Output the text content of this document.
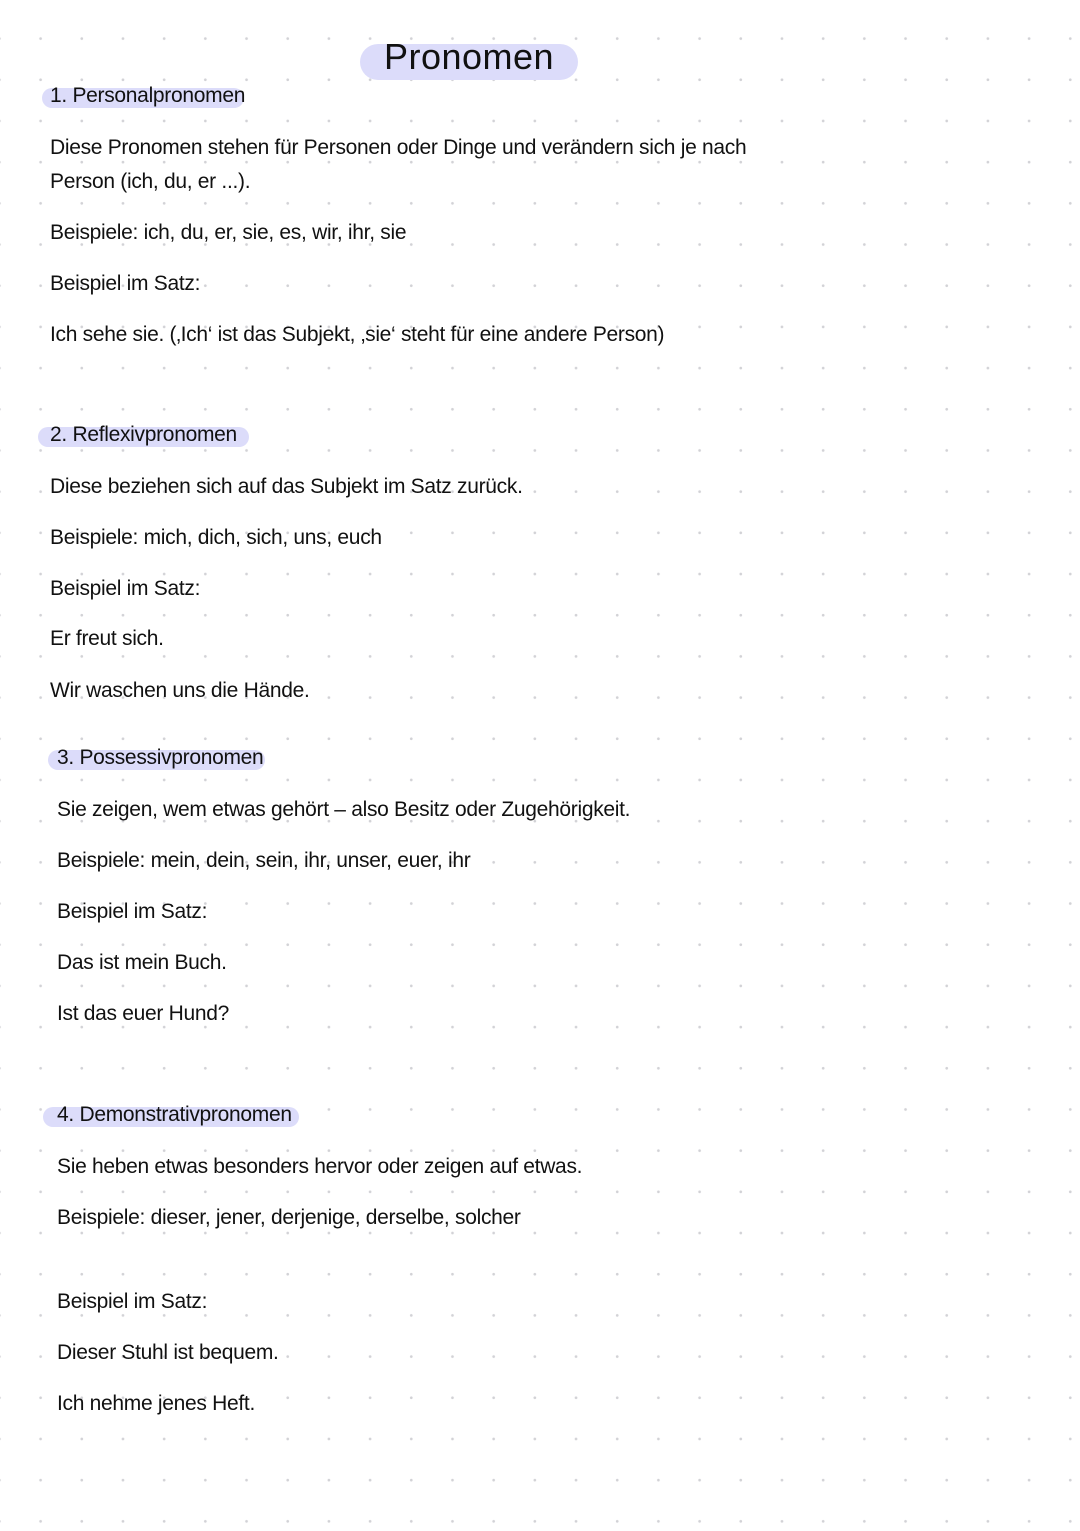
Pronomen
1. Personalpronomen
Diese Pronomen stehen für Personen oder Dinge und verändern sich je nach
Person (ich, du, er ...).
Beispiele: ich, du, er, sie, es, wir, ihr, sie
Beispiel im Satz:
Ich sehe sie. (‚Ich‘ ist das Subjekt, ‚sie‘ steht für eine andere Person)
2. Reflexivpronomen
Diese beziehen sich auf das Subjekt im Satz zurück.
Beispiele: mich, dich, sich, uns, euch
Beispiel im Satz:
Er freut sich.
Wir waschen uns die Hände.
3. Possessivpronomen
Sie zeigen, wem etwas gehört – also Besitz oder Zugehörigkeit.
Beispiele: mein, dein, sein, ihr, unser, euer, ihr
Beispiel im Satz:
Das ist mein Buch.
Ist das euer Hund?
4. Demonstrativpronomen
Sie heben etwas besonders hervor oder zeigen auf etwas.
Beispiele: dieser, jener, derjenige, derselbe, solcher
Beispiel im Satz:
Dieser Stuhl ist bequem.
Ich nehme jenes Heft.
